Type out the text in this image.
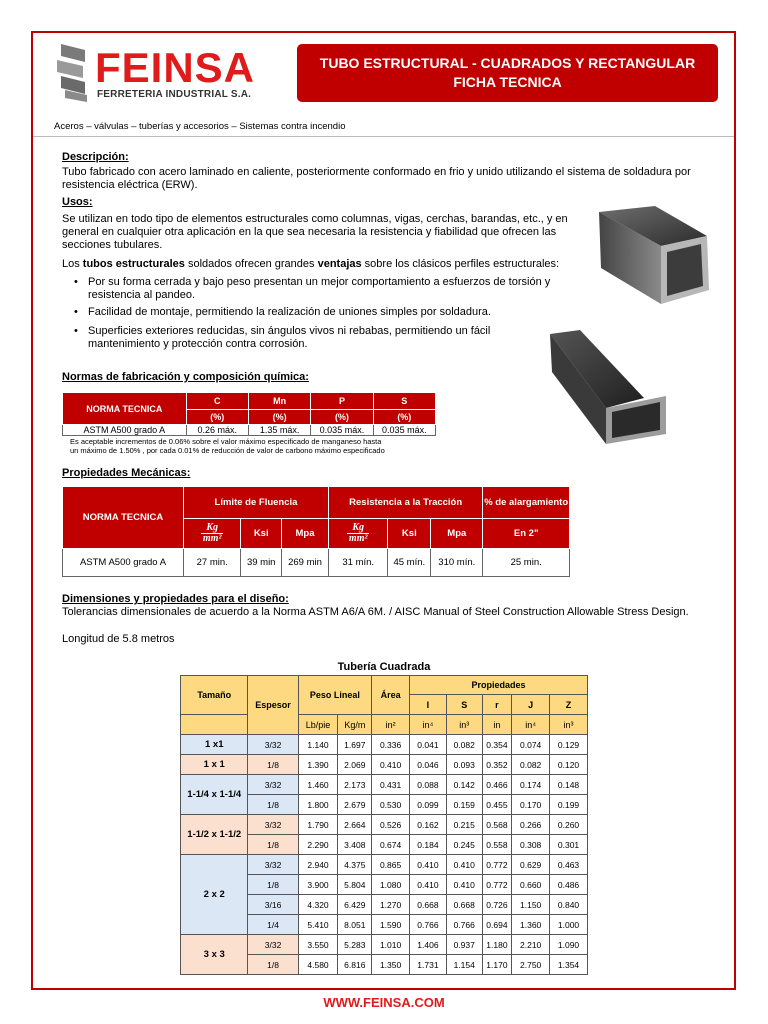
FEINSA
FERRETERIA INDUSTRIAL S.A.
TUBO ESTRUCTURAL - CUADRADOS Y RECTANGULAR
FICHA TECNICA
Aceros – válvulas – tuberías y accesorios – Sistemas contra incendio
Descripción:
Tubo fabricado con acero laminado en caliente, posteriormente conformado en frio y unido utilizando el sistema de soldadura por resistencia eléctrica (ERW).
Usos:
Se utilizan en todo tipo de elementos estructurales como columnas, vigas, cerchas, barandas, etc., y en general en cualquier otra aplicación en la que sea necesaria la resistencia y fiabilidad que ofrecen las secciones tubulares.
Los tubos estructurales soldados ofrecen grandes ventajas sobre los clásicos perfiles estructurales:
• Por su forma cerrada y bajo peso presentan un mejor comportamiento a esfuerzos de torsión y resistencia al pandeo.
• Facilidad de montaje, permitiendo la realización de uniones simples por soldadura.
• Superficies exteriores reducidas, sin ángulos vivos ni rebabas, permitiendo un fácil mantenimiento y protección contra corrosión.
Normas de fabricación y composición química:
NORMA TECNICA	C	Mn	P	S
	(%)	(%)	(%)	(%)
ASTM A500 grado A	0.26 máx.	1.35 máx.	0.035 máx.	0.035 máx.
Es aceptable incrementos de 0.06% sobre el valor máximo especificado de manganeso hasta
un máximo de 1.50% , por cada 0.01% de reducción de valor de carbono máximo especificado
Propiedades Mecánicas:
NORMA TECNICA	Límite de Fluencia			Resistencia a la Tracción			% de alargamiento

	$\frac{Kg}{\text{mm²}}$	Ksi	Mpa	$\frac{Kg}{\text{mm²}}$	Ksi	Mpa	En 2"
ASTM A500 grado A	27 min.	39 min	269 min	31 mín.	45 mín.	310 mín.	25 min.
Dimensiones y propiedades para el diseño:
Tolerancias dimensionales de acuerdo a la Norma ASTM A6/A 6M. / AISC Manual of Steel Construction Allowable Stress Design.
Longitud de 5.8 metros
Tubería Cuadrada
Tamaño	Espesor	Peso Lineal		Área	Propiedades				
					I	S	r	J	Z
		Lb/pie	Kg/m	in²	in⁴	in³	in	in⁴	in³
1 x1	3/32	1.140	1.697	0.336	0.041	0.082	0.354	0.074	0.129
1 x 1	1/8	1.390	2.069	0.410	0.046	0.093	0.352	0.082	0.120
1-1/4 x 1-1/4	3/32	1.460	2.173	0.431	0.088	0.142	0.466	0.174	0.148
	1/8	1.800	2.679	0.530	0.099	0.159	0.455	0.170	0.199
1-1/2 x 1-1/2	3/32	1.790	2.664	0.526	0.162	0.215	0.568	0.266	0.260
	1/8	2.290	3.408	0.674	0.184	0.245	0.558	0.308	0.301
2 x 2	3/32	2.940	4.375	0.865	0.410	0.410	0.772	0.629	0.463
	1/8	3.900	5.804	1.080	0.410	0.410	0.772	0.660	0.486
	3/16	4.320	6.429	1.270	0.668	0.668	0.726	1.150	0.840
	1/4	5.410	8.051	1.590	0.766	0.766	0.694	1.360	1.000
3 x 3	3/32	3.550	5.283	1.010	1.406	0.937	1.180	2.210	1.090
	1/8	4.580	6.816	1.350	1.731	1.154	1.170	2.750	1.354
WWW.FEINSA.COM
